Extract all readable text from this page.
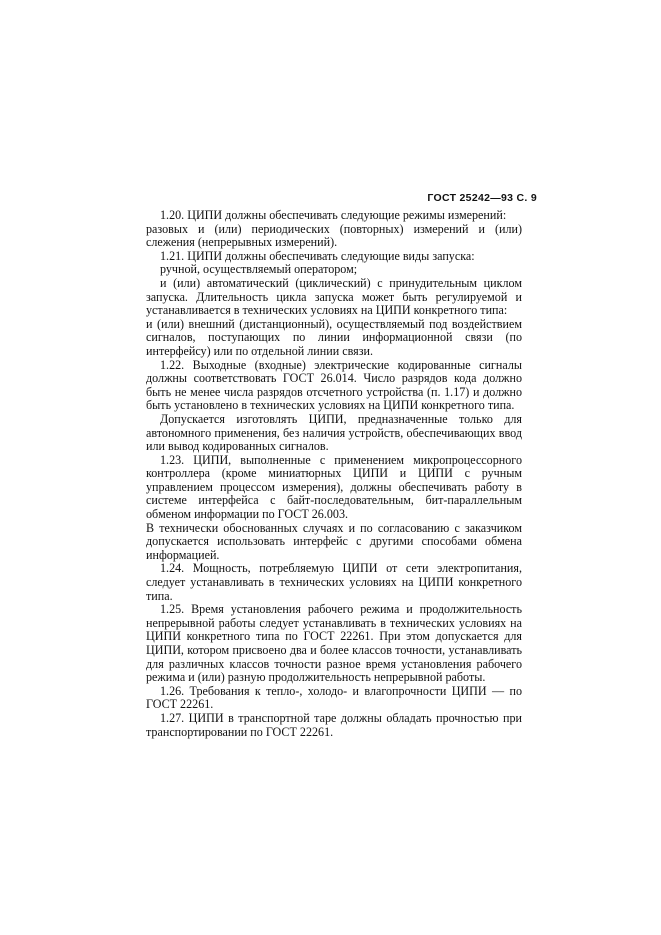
ГОСТ 25242—93 С. 9

1.20. ЦИПИ должны обеспечивать следующие режимы измерений:

разовых и (или) периодических (повторных) измерений и (или) слежения (непрерывных измерений).

1.21. ЦИПИ должны обеспечивать следующие виды запуска:

ручной, осуществляемый оператором;

и (или) автоматический (циклический) с принудительным циклом запуска. Длительность цикла запуска может быть регулируемой и устанавливается в технических условиях на ЦИПИ конкретного типа:

и (или) внешний (дистанционный), осуществляемый под воздействием сигналов, поступающих по линии информационной связи (по интерфейсу) или по отдельной линии связи.

1.22. Выходные (входные) электрические кодированные сигналы должны соответствовать ГОСТ 26.014. Число разрядов кода должно быть не менее числа разрядов отсчетного устройства (п. 1.17) и должно быть установлено в технических условиях на ЦИПИ конкретного типа.

Допускается изготовлять ЦИПИ, предназначенные только для автономного применения, без наличия устройств, обеспечивающих ввод или вывод кодированных сигналов.

1.23. ЦИПИ, выполненные с применением микропроцессорного контроллера (кроме миниатюрных ЦИПИ и ЦИПИ с ручным управлением процессом измерения), должны обеспечивать работу в системе интерфейса с байт-последовательным, бит-параллельным обменом информации по ГОСТ 26.003.

В технически обоснованных случаях и по согласованию с заказчиком допускается использовать интерфейс с другими способами обмена информацией.

1.24. Мощность, потребляемую ЦИПИ от сети электропитания, следует устанавливать в технических условиях на ЦИПИ конкретного типа.

1.25. Время установления рабочего режима и продолжительность непрерывной работы следует устанавливать в технических условиях на ЦИПИ конкретного типа по ГОСТ 22261. При этом допускается для ЦИПИ, котором присвоено два и более классов точности, устанавливать для различных классов точности разное время установления рабочего режима и (или) разную продолжительность непрерывной работы.

1.26. Требования к тепло-, холодо- и влагопрочности ЦИПИ — по ГОСТ 22261.

1.27. ЦИПИ в транспортной таре должны обладать прочностью при транспортировании по ГОСТ 22261.
